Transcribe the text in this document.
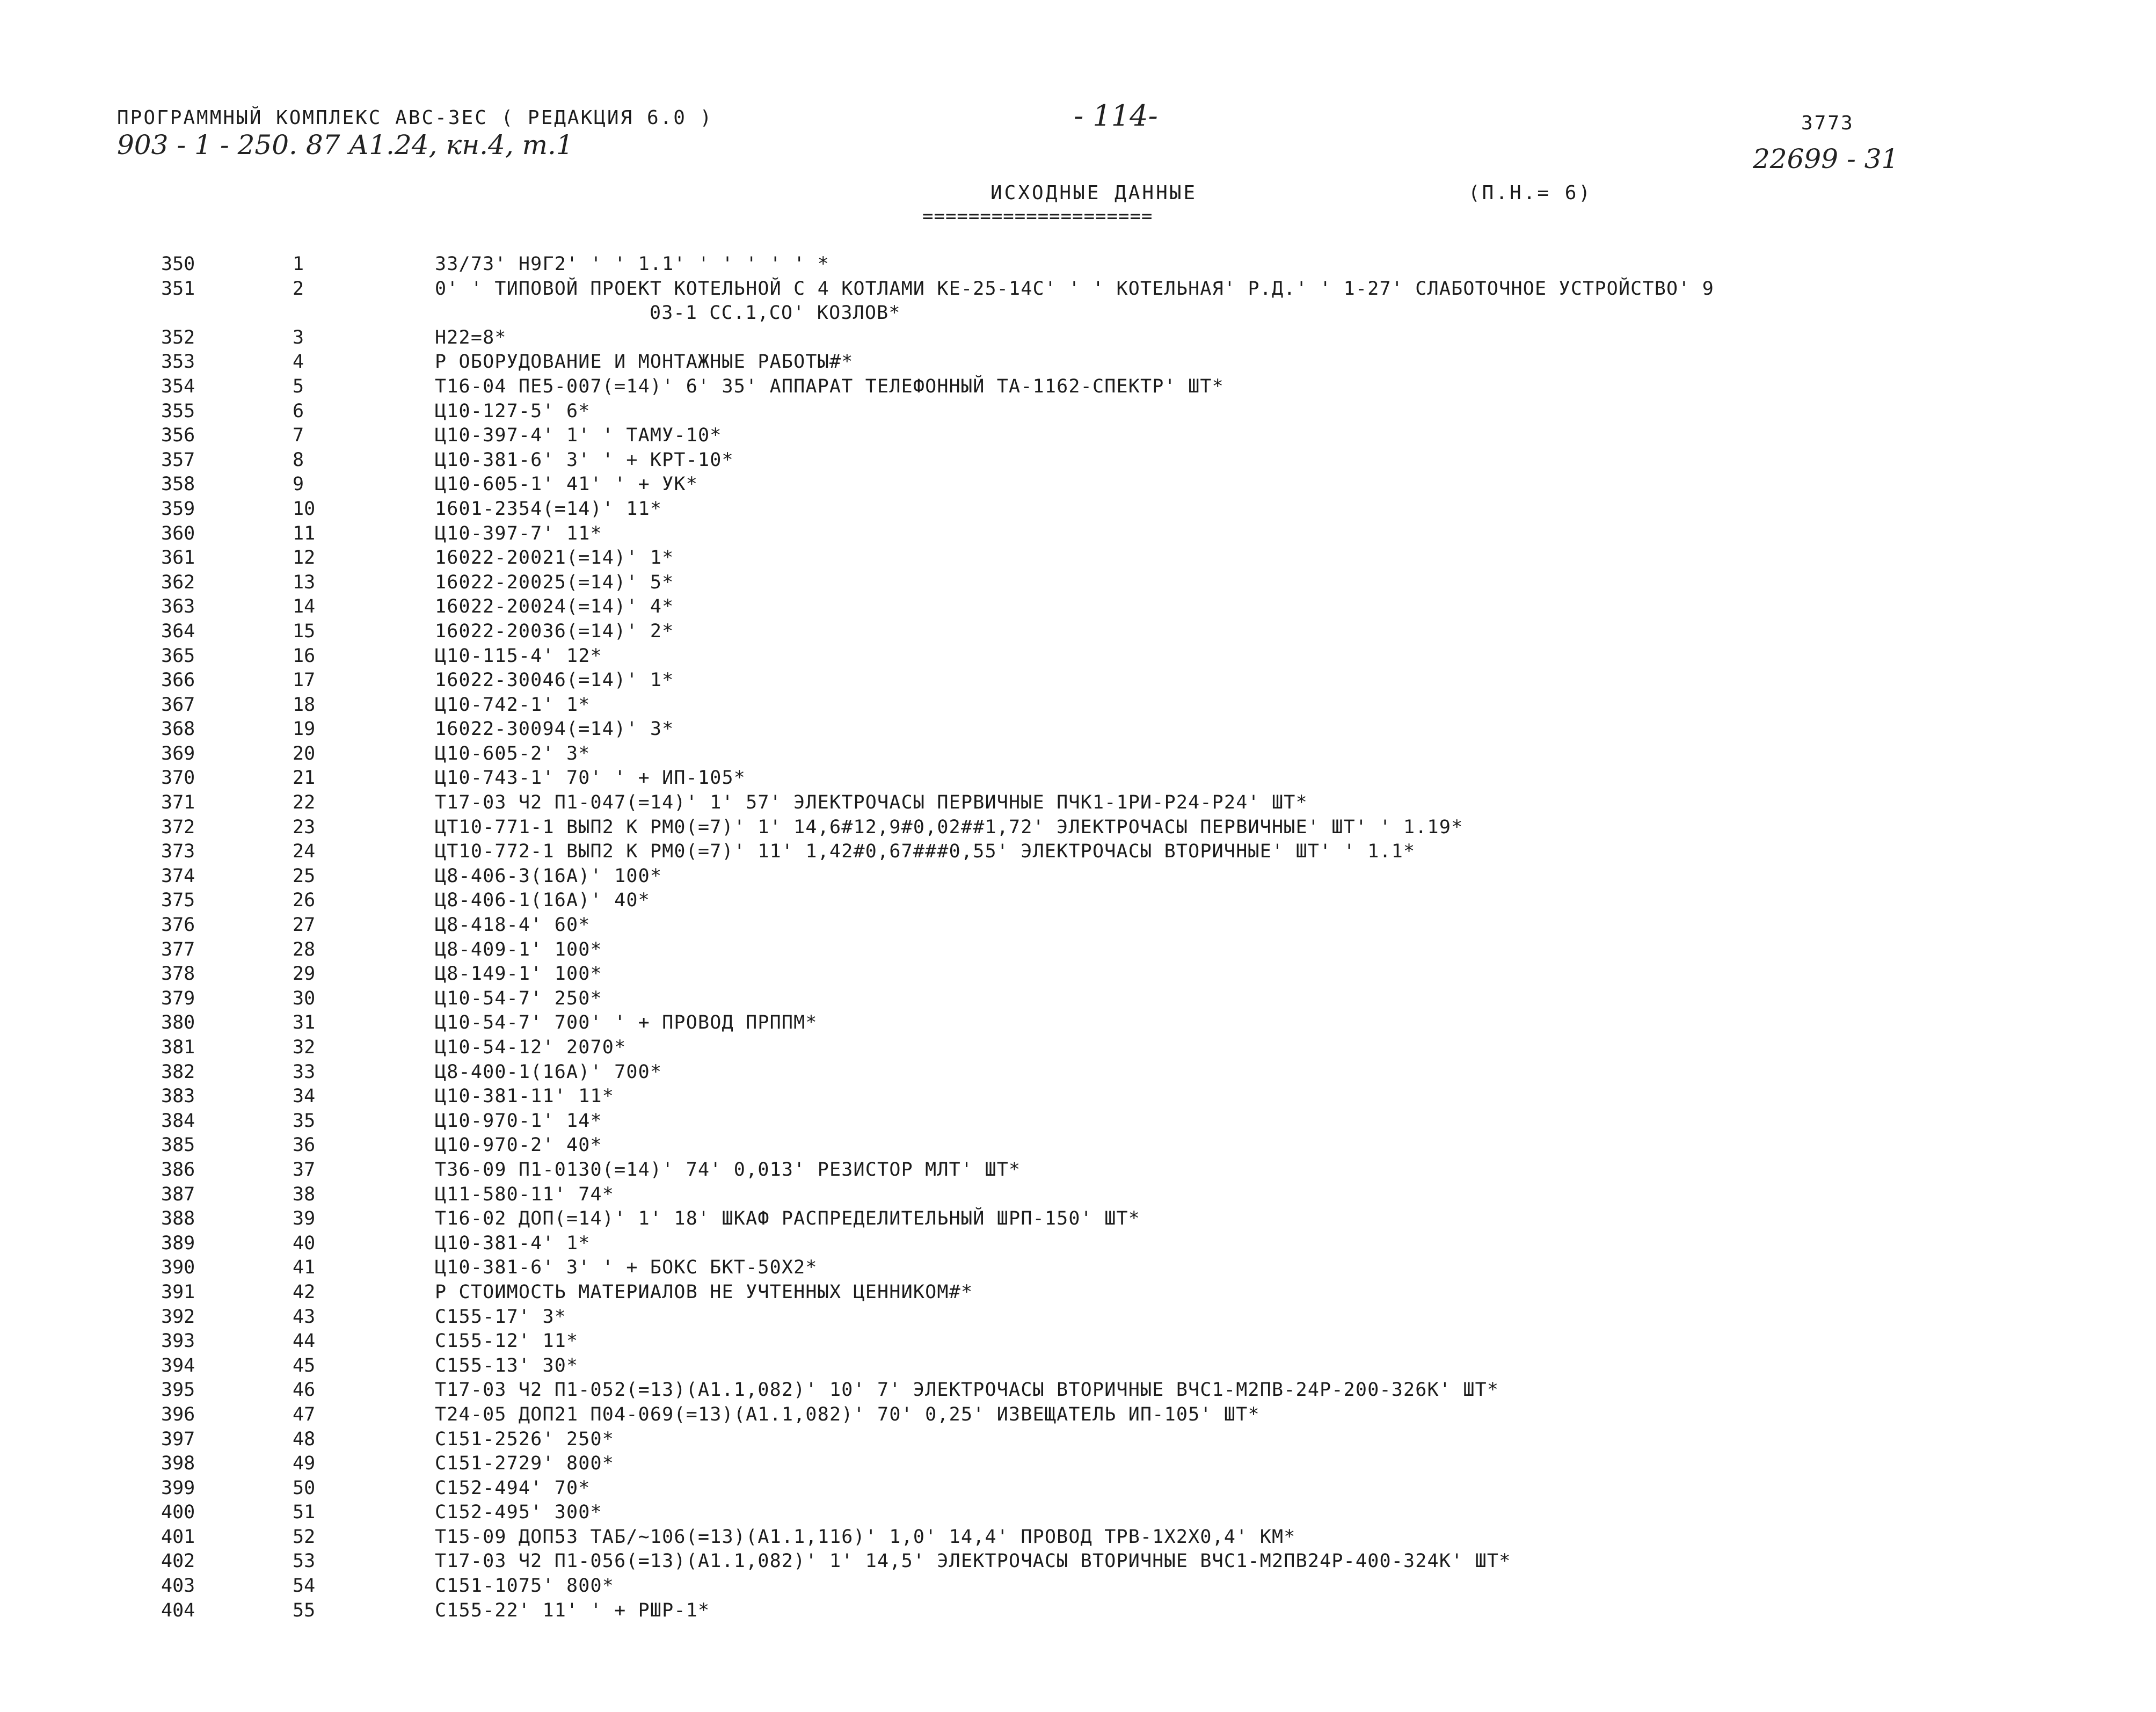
ПРОГРАММНЫЙ КОМПЛЕКС АВС-ЗЕС ( РЕДАКЦИЯ 6.0 )	- 114-	3773
903 - 1 - 250. 87 А1.24, кн.4, т.1	22699 - 31
ИСХОДНЫЕ ДАННЫЕ	(П.Н.= 6)
====================
350	1	33/73' Н9Г2' ' ' 1.1' ' ' ' ' ' *
351	2	0' ' ТИПОВОЙ ПРОЕКТ КОТЕЛЬНОЙ С 4 КОТЛАМИ КЕ-25-14С' ' ' КОТЕЛЬНАЯ' Р.Д.' ' 1-27' СЛАБОТОЧНОЕ УСТРОЙСТВО' 9
03-1 СС.1,СО' КОЗЛОВ*
352	3	Н22=8*
353	4	Р ОБОРУДОВАНИЕ И МОНТАЖНЫЕ РАБОТЫ#*
354	5	Т16-04 ПЕ5-007(=14)' 6' 35' АППАРАТ ТЕЛЕФОННЫЙ ТА-1162-СПЕКТР' ШТ*
355	6	Ц10-127-5' 6*
356	7	Ц10-397-4' 1' ' ТАМУ-10*
357	8	Ц10-381-6' 3' ' + КРТ-10*
358	9	Ц10-605-1' 41' ' + УК*
359	10	1601-2354(=14)' 11*
360	11	Ц10-397-7' 11*
361	12	16022-20021(=14)' 1*
362	13	16022-20025(=14)' 5*
363	14	16022-20024(=14)' 4*
364	15	16022-20036(=14)' 2*
365	16	Ц10-115-4' 12*
366	17	16022-30046(=14)' 1*
367	18	Ц10-742-1' 1*
368	19	16022-30094(=14)' 3*
369	20	Ц10-605-2' 3*
370	21	Ц10-743-1' 70' ' + ИП-105*
371	22	Т17-03 Ч2 П1-047(=14)' 1' 57' ЭЛЕКТРОЧАСЫ ПЕРВИЧНЫЕ ПЧК1-1РИ-Р24-Р24' ШТ*
372	23	ЦТ10-771-1 ВЫП2 К РМ0(=7)' 1' 14,6#12,9#0,02##1,72' ЭЛЕКТРОЧАСЫ ПЕРВИЧНЫЕ' ШТ' ' 1.19*
373	24	ЦТ10-772-1 ВЫП2 К РМ0(=7)' 11' 1,42#0,67###0,55' ЭЛЕКТРОЧАСЫ ВТОРИЧНЫЕ' ШТ' ' 1.1*
374	25	Ц8-406-3(16А)' 100*
375	26	Ц8-406-1(16А)' 40*
376	27	Ц8-418-4' 60*
377	28	Ц8-409-1' 100*
378	29	Ц8-149-1' 100*
379	30	Ц10-54-7' 250*
380	31	Ц10-54-7' 700' ' + ПРОВОД ПРППМ*
381	32	Ц10-54-12' 2070*
382	33	Ц8-400-1(16А)' 700*
383	34	Ц10-381-11' 11*
384	35	Ц10-970-1' 14*
385	36	Ц10-970-2' 40*
386	37	Т36-09 П1-0130(=14)' 74' 0,013' РЕЗИСТОР МЛТ' ШТ*
387	38	Ц11-580-11' 74*
388	39	Т16-02 ДОП(=14)' 1' 18' ШКАФ РАСПРЕДЕЛИТЕЛЬНЫЙ ШРП-150' ШТ*
389	40	Ц10-381-4' 1*
390	41	Ц10-381-6' 3' ' + БОКС БКТ-50Х2*
391	42	Р СТОИМОСТЬ МАТЕРИАЛОВ НЕ УЧТЕННЫХ ЦЕННИКОМ#*
392	43	С155-17' 3*
393	44	С155-12' 11*
394	45	С155-13' 30*
395	46	Т17-03 Ч2 П1-052(=13)(А1.1,082)' 10' 7' ЭЛЕКТРОЧАСЫ ВТОРИЧНЫЕ ВЧС1-М2ПВ-24Р-200-326К' ШТ*
396	47	Т24-05 ДОП21 П04-069(=13)(А1.1,082)' 70' 0,25' ИЗВЕЩАТЕЛЬ ИП-105' ШТ*
397	48	С151-2526' 250*
398	49	С151-2729' 800*
399	50	С152-494' 70*
400	51	С152-495' 300*
401	52	Т15-09 ДОП53 ТАБ/~106(=13)(А1.1,116)' 1,0' 14,4' ПРОВОД ТРВ-1Х2Х0,4' КМ*
402	53	Т17-03 Ч2 П1-056(=13)(А1.1,082)' 1' 14,5' ЭЛЕКТРОЧАСЫ ВТОРИЧНЫЕ ВЧС1-М2ПВ24Р-400-324К' ШТ*
403	54	С151-1075' 800*
404	55	С155-22' 11' ' + РШР-1*
